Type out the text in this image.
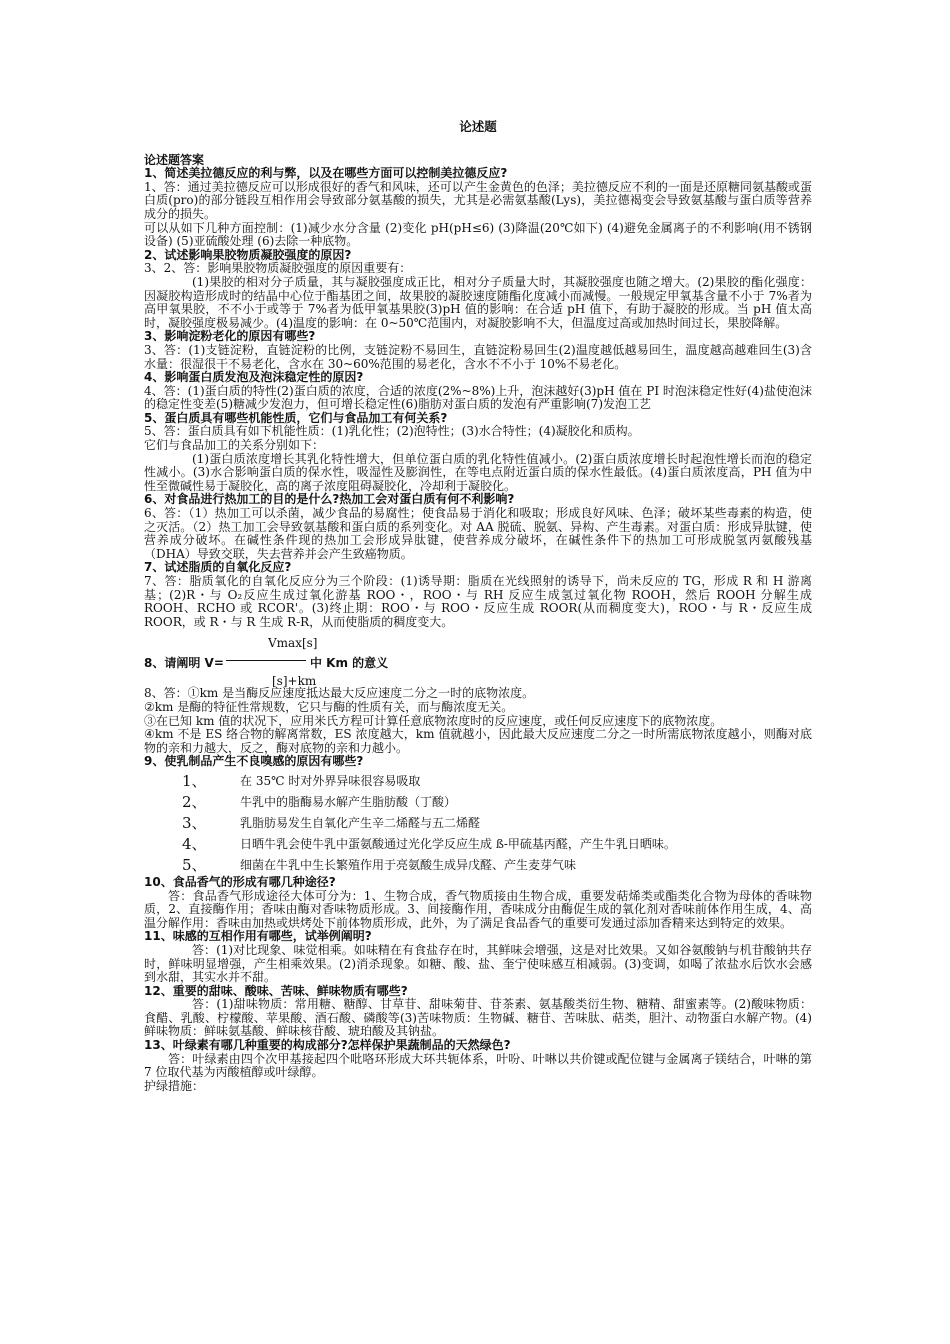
论述题
论述题答案
1、简述美拉德反应的利与弊，以及在哪些方面可以控制美拉德反应?
1、答：通过美拉德反应可以形成很好的香气和风味，还可以产生金黄色的色泽；美拉德反应不利的一面是还原糖同氨基酸或蛋白质(pro)的部分链段互相作用会导致部分氨基酸的损失，尤其是必需氨基酸(Lys)，美拉德褐变会导致氨基酸与蛋白质等营养成分的损失。
可以从如下几种方面控制：(1)减少水分含量 (2)变化 pH(pH≤6) (3)降温(20℃如下) (4)避免金属离子的不利影响(用不锈钢设备) (5)亚硫酸处理 (6)去除一种底物。
2、试述影响果胶物质凝胶强度的原因?
3、2、答：影响果胶物质凝胶强度的原因重要有：
(1)果胶的相对分子质量，其与凝胶强度成正比，相对分子质量大时，其凝胶强度也随之增大。(2)果胶的酯化强度：因凝胶构造形成时的结晶中心位于酯基团之间，故果胶的凝胶速度随酯化度减小而减慢。一般规定甲氧基含量不小于 7%者为高甲氧果胶，不不小于或等于 7%者为低甲氧基果胶(3)pH 值的影响：在合适 pH 值下，有助于凝胶的形成。当 pH 值太高时，凝胶强度极易减少。(4)温度的影响：在 0~50℃范围内，对凝胶影响不大，但温度过高或加热时间过长，果胶降解。
3、影响淀粉老化的原因有哪些?
3、答：(1)支链淀粉，直链淀粉的比例，支链淀粉不易回生，直链淀粉易回生(2)温度越低越易回生，温度越高越难回生(3)含水量：很湿很干不易老化，含水在 30~60%范围的易老化，含水不不小于 10%不易老化。
4、影响蛋白质发泡及泡沫稳定性的原因?
4、答：(1)蛋白质的特性(2)蛋白质的浓度，合适的浓度(2%~8%)上升，泡沫越好(3)pH 值在 PI 时泡沫稳定性好(4)盐使泡沫的稳定性变差(5)糖减少发泡力，但可增长稳定性(6)脂肪对蛋白质的发泡有严重影响(7)发泡工艺
5、蛋白质具有哪些机能性质，它们与食品加工有何关系?
5、答：蛋白质具有如下机能性质：(1)乳化性；(2)泡特性；(3)水合特性；(4)凝胶化和质构。
它们与食品加工的关系分别如下：
(1)蛋白质浓度增长其乳化特性增大，但单位蛋白质的乳化特性值减小。(2)蛋白质浓度增长时起泡性增长而泡的稳定性减小。(3)水合影响蛋白质的保水性，吸湿性及膨润性，在等电点附近蛋白质的保水性最低。(4)蛋白质浓度高，PH 值为中性至微碱性易于凝胶化，高的离子浓度阻碍凝胶化，冷却利于凝胶化。
6、对食品进行热加工的目的是什么?热加工会对蛋白质有何不利影响?
6、答：（1）热加工可以杀菌，减少食品的易腐性；使食品易于消化和吸取；形成良好风味、色泽；破坏某些毒素的构造，使之灭活。（2）热工加工会导致氨基酸和蛋白质的系列变化。对 AA 脱硫、脱氨、异构、产生毒素。对蛋白质：形成异肽键，使营养成分破坏。在碱性条件现的热加工会形成异肽键，使营养成分破坏，在碱性条件下的热加工可形成脱氢丙氨酸残基（DHA）导致交联，失去营养并会产生致癌物质。
7、试述脂质的自氧化反应?
7、答：脂质氧化的自氧化反应分为三个阶段：(1)诱导期：脂质在光线照射的诱导下，尚未反应的 TG，形成 R 和 H 游离基；(2)R・与 O₂反应生成过氧化游基 ROO・，ROO・与 RH 反应生成氢过氧化物 ROOH，然后 ROOH 分解生成 ROOH、RCHO 或 RCOR'。(3)终止期：ROO・与 ROO・反应生成 ROOR(从而稠度变大)，ROO・与 R・反应生成 ROOR，或 R・与 R 生成 R-R，从而使脂质的稠度变大。
8、请阐明 V=
Vmax[s]
中 Km 的意义
[s]+km
8、答：①km 是当酶反应速度抵达最大反应速度二分之一时的底物浓度。
②km 是酶的特征性常规数，它只与酶的性质有关，而与酶浓度无关。
③在已知 km 值的状况下，应用米氏方程可计算任意底物浓度时的反应速度，或任何反应速度下的底物浓度。
④km 不是 ES 络合物的解离常数，ES 浓度越大，km 值就越小，因此最大反应速度二分之一时所需底物浓度越小，则酶对底物的亲和力越大，反之，酶对底物的亲和力越小。
9、使乳制品产生不良嗅感的原因有哪些?
1、	在 35℃ 时对外界异味很容易吸取
2、	牛乳中的脂酶易水解产生脂肪酸（丁酸）
3、	乳脂肪易发生自氧化产生辛二烯醛与五二烯醛
4、	日晒牛乳会使牛乳中蛋氨酸通过光化学反应生成 ß-甲硫基丙醛，产生牛乳日晒味。
5、	细菌在牛乳中生长繁殖作用于亮氨酸生成异戊醛、产生麦芽气味
10、食品香气的形成有哪几种途径?
答：食品香气形成途径大体可分为：1、生物合成，香气物质接由生物合成，重要发萜烯类或酯类化合物为母体的香味物质，2、直接酶作用；香味由酶对香味物质形成。3、间接酶作用，香味成分由酶促生成的氧化剂对香味前体作用生成，4、高温分解作用：香味由加热或烘烤处下前体物质形成，此外，为了满足食品香气的重要可发通过添加香精来达到特定的效果。
11、味感的互相作用有哪些，试举例阐明?
答：(1)对比现象、味觉相乘。如味精在有食盐存在时，其鲜味会增强，这是对比效果。又如谷氨酸钠与机苷酸钠共存时，鲜味明显增强，产生相乘效果。(2)消杀现象。如糖、酸、盐、奎宁使味感互相减弱。(3)变调，如喝了浓盐水后饮水会感到水甜，其实水并不甜。
12、重要的甜味、酸味、苦味、鲜味物质有哪些?
答：(1)甜味物质：常用糖、糖醇、甘草苷、甜味菊苷、苷茶素、氨基酸类衍生物、糖精、甜蜜素等。(2)酸味物质：食醋、乳酸、柠檬酸、苹果酸、酒石酸、磷酸等(3)苦味物质：生物碱、糖苷、苦味肽、萜类，胆汁、动物蛋白水解产物。(4)鲜味物质：鲜味氨基酸、鲜味核苷酸、琥珀酸及其钠盐。
13、叶绿素有哪几种重要的构成部分?怎样保护果蔬制品的天然绿色?
答：叶绿素由四个次甲基接起四个吡咯环形成大环共轭体系，叶吩、叶啉以共价键或配位键与金属离子镁结合，叶啉的第 7 位取代基为丙酸植醇或叶绿醇。
护绿措施：
